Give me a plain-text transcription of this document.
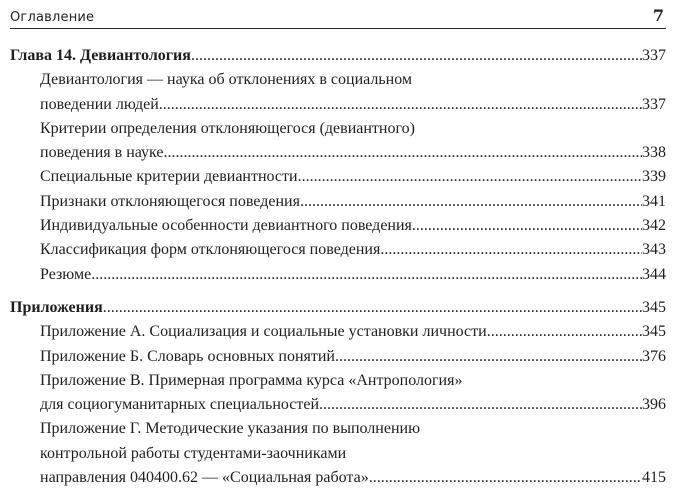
Оглавление	7
Глава 14. Девиантология .....	337
Девиантология — наука об отклонениях в социальном
поведении людей .....	337
Критерии определения отклоняющегося (девиантного)
поведения в науке .....	338
Специальные критерии девиантности .....	339
Признаки отклоняющегося поведения .....	341
Индивидуальные особенности девиантного поведения .....	342
Классификация форм отклоняющегося поведения .....	343
Резюме .....	344
Приложения .....	345
Приложение А. Социализация и социальные установки личности .....	345
Приложение Б. Словарь основных понятий .....	376
Приложение В. Примерная программа курса «Антропология»
для социогуманитарных специальностей .....	396
Приложение Г. Методические указания по выполнению
контрольной работы студентами-заочниками
направления 040400.62 — «Социальная работа» .....	415
